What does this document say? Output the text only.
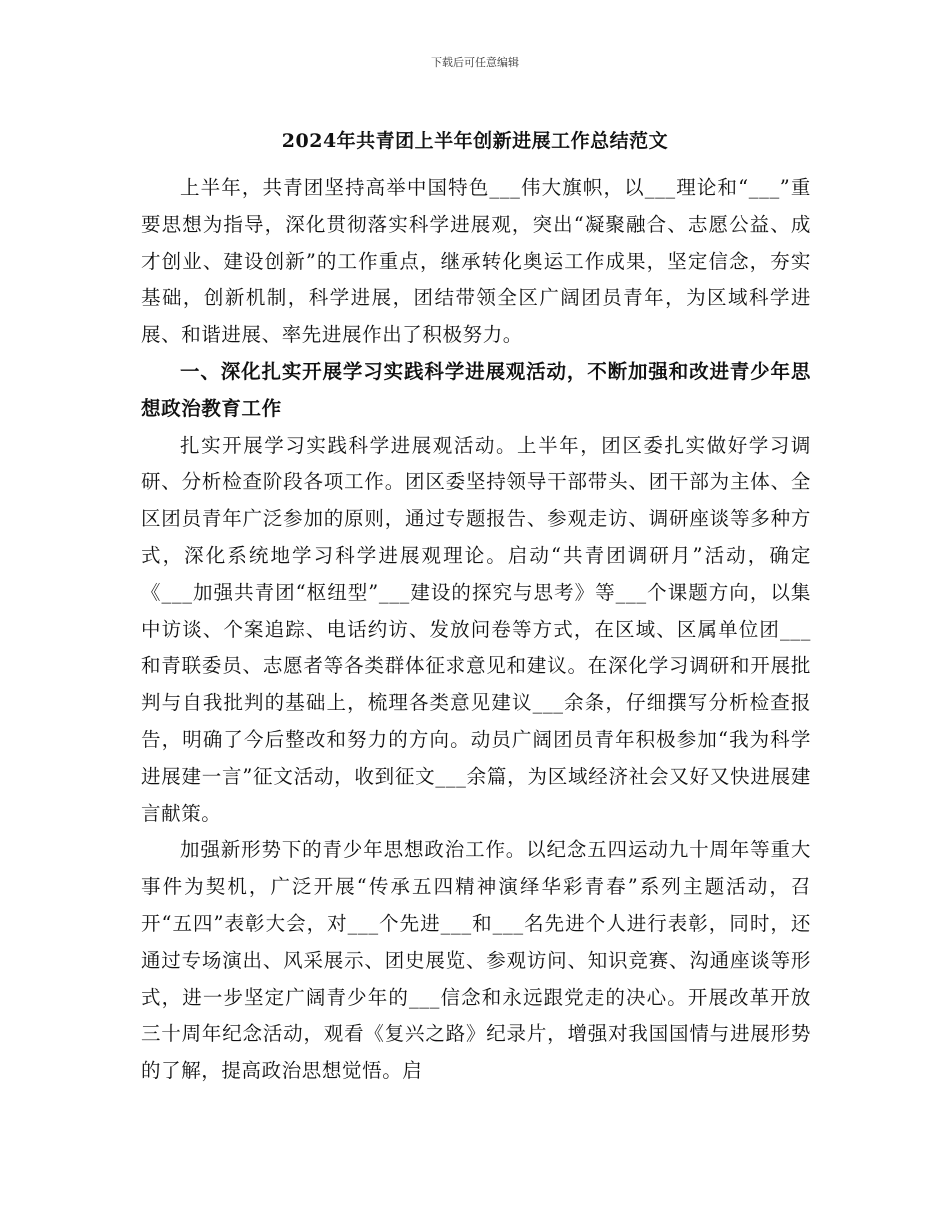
下载后可任意编辑
2024年共青团上半年创新进展工作总结范文

上半年，共青团坚持高举中国特色___伟大旗帜，以___理论和“___”重要思想为指导，深化贯彻落实科学进展观，突出“凝聚融合、志愿公益、成才创业、建设创新”的工作重点，继承转化奥运工作成果，坚定信念，夯实基础，创新机制，科学进展，团结带领全区广阔团员青年，为区域科学进展、和谐进展、率先进展作出了积极努力。

一、深化扎实开展学习实践科学进展观活动，不断加强和改进青少年思想政治教育工作

扎实开展学习实践科学进展观活动。上半年，团区委扎实做好学习调研、分析检查阶段各项工作。团区委坚持领导干部带头、团干部为主体、全区团员青年广泛参加的原则，通过专题报告、参观走访、调研座谈等多种方式，深化系统地学习科学进展观理论。启动“共青团调研月”活动，确定《___加强共青团“枢纽型”___建设的探究与思考》等___个课题方向，以集中访谈、个案追踪、电话约访、发放问卷等方式，在区域、区属单位团___和青联委员、志愿者等各类群体征求意见和建议。在深化学习调研和开展批判与自我批判的基础上，梳理各类意见建议___余条，仔细撰写分析检查报告，明确了今后整改和努力的方向。动员广阔团员青年积极参加“我为科学进展建一言”征文活动，收到征文___余篇，为区域经济社会又好又快进展建言献策。

加强新形势下的青少年思想政治工作。以纪念五四运动九十周年等重大事件为契机，广泛开展“传承五四精神演绎华彩青春”系列主题活动，召开“五四”表彰大会，对___个先进___和___名先进个人进行表彰，同时，还通过专场演出、风采展示、团史展览、参观访问、知识竞赛、沟通座谈等形式，进一步坚定广阔青少年的___信念和永远跟党走的决心。开展改革开放三十周年纪念活动，观看《复兴之路》纪录片，增强对我国国情与进展形势的了解，提高政治思想觉悟。启
